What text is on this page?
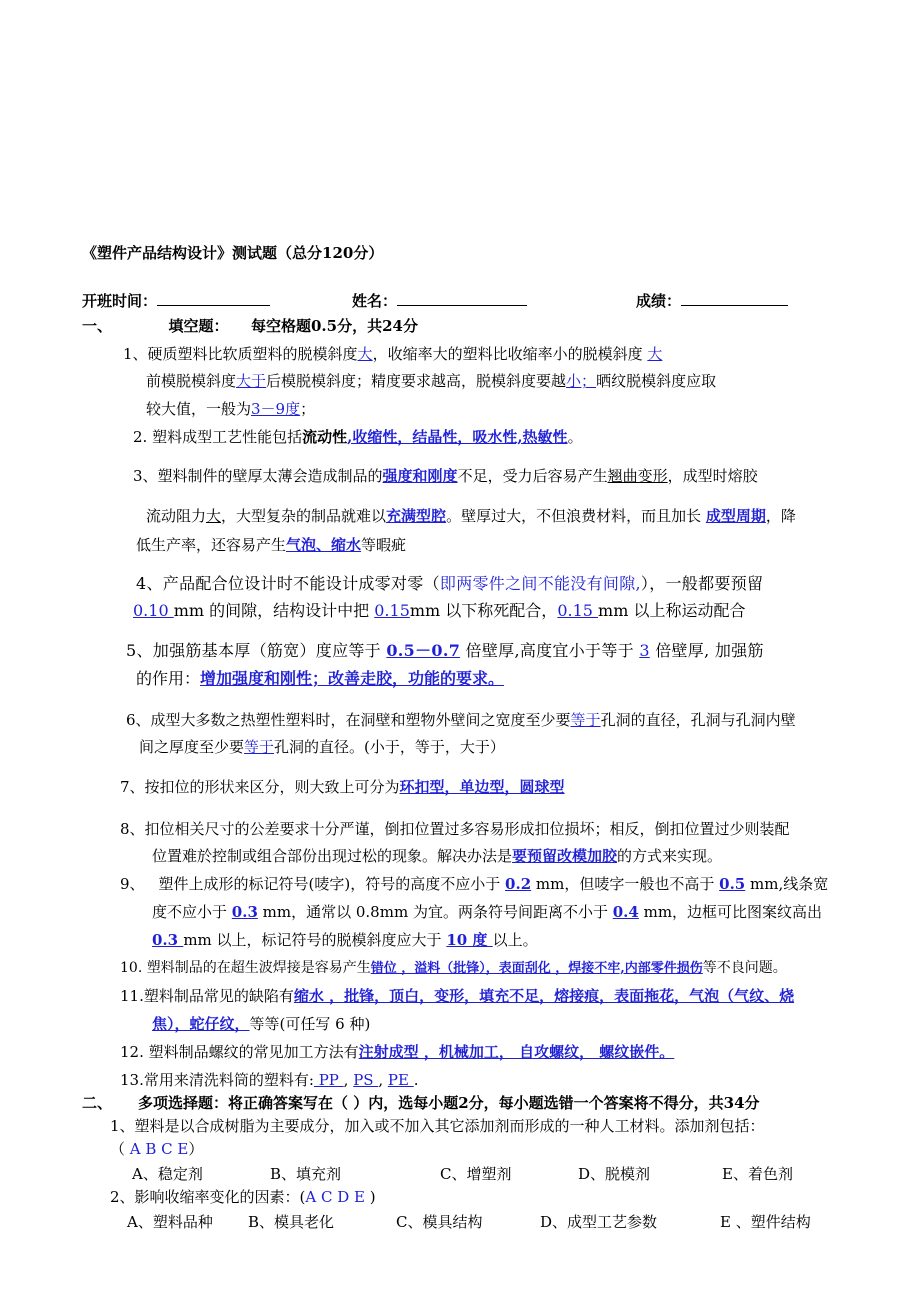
《塑件产品结构设计》测试题（总分120分）
开班时间：	姓名：	成绩：
一、	填空题： 每空格题0.5分，共24分
1、硬质塑料比软质塑料的脱模斜度大，收缩率大的塑料比收缩率小的脱模斜度 大
前模脱模斜度大于后模脱模斜度；精度要求越高，脱模斜度要越小；晒纹脱模斜度应取
较大值，一般为3－9度；
2. 塑料成型工艺性能包括流动性,收缩性，结晶性，吸水性,热敏性。
3、塑料制件的壁厚太薄会造成制品的强度和刚度不足，受力后容易产生翘曲变形，成型时熔胶
流动阻力大，大型复杂的制品就难以充满型腔。壁厚过大，不但浪费材料，而且加长 成型周期，降
低生产率，还容易产生气泡、缩水等暇疵
4、产品配合位设计时不能设计成零对零（即两零件之间不能没有间隙,），一般都要预留
0.10 mm 的间隙，结构设计中把 0.15mm 以下称死配合，0.15 mm 以上称运动配合
5、加强筋基本厚（筋宽）度应等于 0.5－0.7 倍壁厚,高度宜小于等于 3 倍壁厚, 加强筋
的作用：增加强度和刚性；改善走胶，功能的要求。
6、成型大多数之热塑性塑料时，在洞壁和塑物外壁间之宽度至少要等于孔洞的直径，孔洞与孔洞内壁
间之厚度至少要等于孔洞的直径。(小于，等于，大于）
7、按扣位的形状来区分，则大致上可分为环扣型，单边型，圆球型
8、扣位相关尺寸的公差要求十分严谨，倒扣位置过多容易形成扣位损坏；相反，倒扣位置过少则装配
位置难於控制或组合部份出现过松的现象。解决办法是要预留改模加胶的方式来实现。
9、 塑件上成形的标记符号(唛字)，符号的高度不应小于 0.2 mm，但唛字一般也不高于 0.5 mm,线条宽
度不应小于 0.3 mm，通常以 0.8mm 为宜。两条符号间距离不小于 0.4 mm，边框可比图案纹高出
0.3 mm 以上，标记符号的脱模斜度应大于 10 度 以上。
10. 塑料制品的在超生波焊接是容易产生错位 ，溢料（批锋），表面刮化 ，焊接不牢,内部零件损伤等不良问题。
11.塑料制品常见的缺陷有缩水 ，批锋，顶白，变形，填充不足，熔接痕，表面拖花，气泡（气纹、烧
焦），蛇仔纹，等等(可任写 6 种)
12. 塑料制品螺纹的常见加工方法有注射成型 ，机械加工， 自攻螺纹， 螺纹嵌件。
13.常用来清洗料筒的塑料有: PP , PS , PE .
二、 多项选择题：将正确答案写在（ ）内，选每小题2分，每小题选错一个答案将不得分，共34分
1、塑料是以合成树脂为主要成分，加入或不加入其它添加剂而形成的一种人工材料。添加剂包括：
（ A B C E）
A、稳定剂	B、填充剂	C、增塑剂	D、脱模剂	E、着色剂
2、影响收缩率变化的因素：(A C D E )
A、塑料品种 B、模具老化	C、模具结构	D、成型工艺参数	E 、塑件结构
